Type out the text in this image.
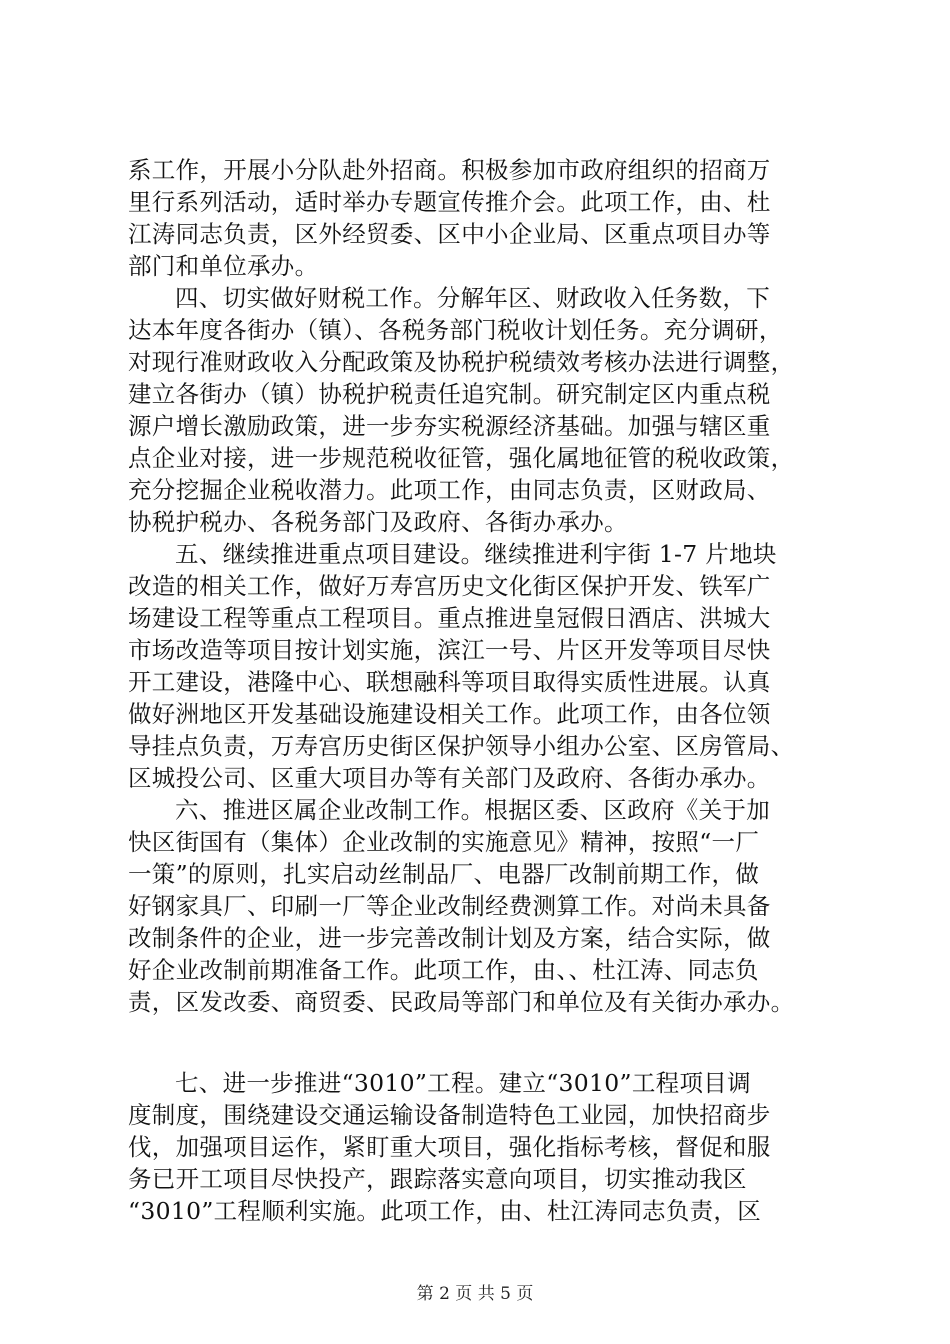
系工作，开展小分队赴外招商。积极参加市政府组织的招商万
里行系列活动，适时举办专题宣传推介会。此项工作，由、杜
江涛同志负责，区外经贸委、区中小企业局、区重点项目办等
部门和单位承办。
四、切实做好财税工作。分解年区、财政收入任务数，下
达本年度各街办（镇）、各税务部门税收计划任务。充分调研，
对现行准财政收入分配政策及协税护税绩效考核办法进行调整，
建立各街办（镇）协税护税责任追究制。研究制定区内重点税
源户增长激励政策，进一步夯实税源经济基础。加强与辖区重
点企业对接，进一步规范税收征管，强化属地征管的税收政策，
充分挖掘企业税收潜力。此项工作，由同志负责，区财政局、
协税护税办、各税务部门及政府、各街办承办。
五、继续推进重点项目建设。继续推进利宇街 1-7 片地块
改造的相关工作，做好万寿宫历史文化街区保护开发、铁军广
场建设工程等重点工程项目。重点推进皇冠假日酒店、洪城大
市场改造等项目按计划实施，滨江一号、片区开发等项目尽快
开工建设，港隆中心、联想融科等项目取得实质性进展。认真
做好洲地区开发基础设施建设相关工作。此项工作，由各位领
导挂点负责，万寿宫历史街区保护领导小组办公室、区房管局、
区城投公司、区重大项目办等有关部门及政府、各街办承办。
六、推进区属企业改制工作。根据区委、区政府《关于加
快区街国有（集体）企业改制的实施意见》精神，按照“一厂
一策”的原则，扎实启动丝制品厂、电器厂改制前期工作，做
好钢家具厂、印刷一厂等企业改制经费测算工作。对尚未具备
改制条件的企业，进一步完善改制计划及方案，结合实际，做
好企业改制前期准备工作。此项工作，由、、杜江涛、同志负
责，区发改委、商贸委、民政局等部门和单位及有关街办承办。
七、进一步推进“3010”工程。建立“3010”工程项目调
度制度，围绕建设交通运输设备制造特色工业园，加快招商步
伐，加强项目运作，紧盯重大项目，强化指标考核，督促和服
务已开工项目尽快投产，跟踪落实意向项目，切实推动我区
“3010”工程顺利实施。此项工作，由、杜江涛同志负责，区
第 2 页 共 5 页
